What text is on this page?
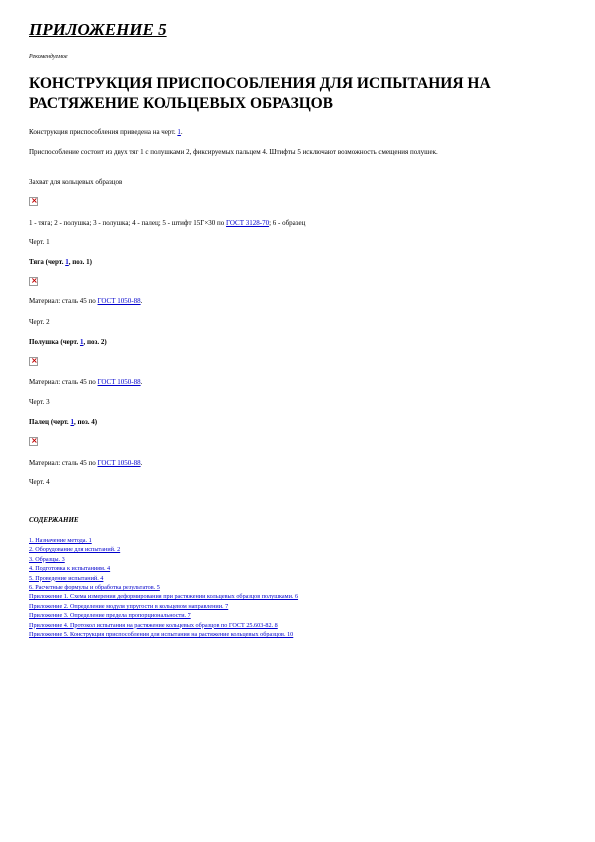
ПРИЛОЖЕНИЕ 5
Рекомендуемое
КОНСТРУКЦИЯ ПРИСПОСОБЛЕНИЯ ДЛЯ ИСПЫТАНИЯ НА РАСТЯЖЕНИЕ КОЛЬЦЕВЫХ ОБРАЗЦОВ
Конструкция приспособления приведена на черт. 1.
Приспособление состоит из двух тяг 1 с полушками 2, фиксируемых пальцем 4. Штифты 5 исключают возможность смещения полушек.
Захват для кольцевых образцов
×
1 - тяга; 2 - полушка; 3 - полушка; 4 - палец; 5 - штифт 15Г×30 по ГОСТ 3128-70; 6 - образец
Черт. 1
Тяга (черт. 1, поз. 1)
×
Материал: сталь 45 по ГОСТ 1050-88.
Черт. 2
Полушка (черт. 1, поз. 2)
×
Материал: сталь 45 по ГОСТ 1050-88.
Черт. 3
Палец (черт. 1, поз. 4)
×
Материал: сталь 45 по ГОСТ 1050-88.
Черт. 4
СОДЕРЖАНИЕ
1. Назначение метода. 1
2. Оборудование для испытаний. 2
3. Образцы. 3
4. Подготовка к испытаниям. 4
5. Проведение испытаний. 4
6. Расчетные формулы и обработка результатов. 5
Приложение 1. Схема измерения деформирования при растяжении кольцевых образцов полушками. 6
Приложение 2. Определение модуля упругости в кольцевом направлении. 7
Приложение 3. Определение предела пропорциональности. 7
Приложение 4. Протокол испытания на растяжение кольцевых образцов по ГОСТ 25.603-82. 8
Приложение 5. Конструкция приспособления для испытания на растяжение кольцевых образцов. 10
